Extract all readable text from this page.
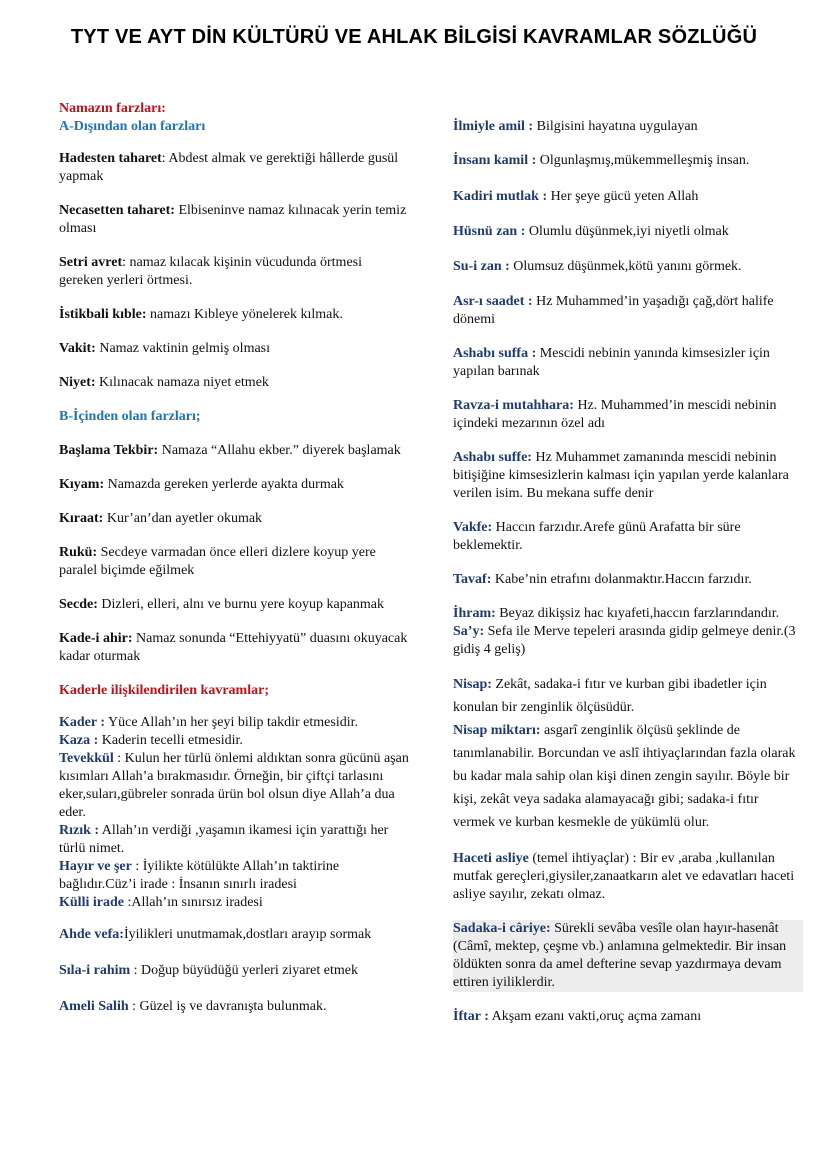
TYT VE AYT DİN KÜLTÜRÜ VE AHLAK BİLGİSİ KAVRAMLAR SÖZLÜĞÜ

Namazın farzları:

A-Dışından olan farzları

Hadesten taharet: Abdest almak ve gerektiği hâllerde gusül yapmak

Necasetten taharet: Elbiseninve namaz kılınacak yerin temiz olması

Setri avret: namaz kılacak kişinin vücudunda örtmesi gereken yerleri örtmesi.

İstikbali kıble: namazı Kıbleye yönelerek kılmak.

Vakit: Namaz vaktinin gelmiş olması

Niyet: Kılınacak namaza niyet etmek

B-İçinden olan farzları;

Başlama Tekbir: Namaza “Allahu ekber.” diyerek başlamak

Kıyam: Namazda gereken yerlerde ayakta durmak

Kıraat: Kur’an’dan ayetler okumak

Rukü: Secdeye varmadan önce elleri dizlere koyup yere paralel biçimde eğilmek

Secde: Dizleri, elleri, alnı ve burnu yere koyup kapanmak

Kade-i ahir: Namaz sonunda “Ettehiyyatü” duasını okuyacak kadar oturmak

Kaderle ilişkilendirilen kavramlar;

Kader : Yüce Allah’ın her şeyi bilip takdir etmesidir.

Kaza : Kaderin tecelli etmesidir.

Tevekkül : Kulun her türlü önlemi aldıktan sonra gücünü aşan kısımları Allah’a bırakmasıdır. Örneğin, bir çiftçi tarlasını eker,suları,gübreler sonrada ürün bol olsun diye Allah’a dua eder.

Rızık : Allah’ın verdiği ,yaşamın ikamesi için yarattığı her türlü nimet.

Hayır ve şer : İyilikte kötülükte Allah’ın taktirine bağlıdır.Cüz’i irade : İnsanın sınırlı iradesi

Külli irade :Allah’ın sınırsız iradesi

Ahde vefa:İyilikleri unutmamak,dostları arayıp sormak

Sıla-i rahim : Doğup büyüdüğü yerleri ziyaret etmek

Ameli Salih : Güzel iş ve davranışta bulunmak.

İlmiyle amil : Bilgisini hayatına uygulayan

İnsanı kamil : Olgunlaşmış,mükemmelleşmiş insan.

Kadiri mutlak : Her şeye gücü yeten Allah

Hüsnü zan : Olumlu düşünmek,iyi niyetli olmak

Su-i zan : Olumsuz düşünmek,kötü yanını görmek.

Asr-ı saadet : Hz Muhammed’in yaşadığı çağ,dört halife dönemi

Ashabı suffa : Mescidi nebinin yanında kimsesizler için yapılan barınak

Ravza-i mutahhara: Hz. Muhammed’in mescidi nebinin içindeki mezarının özel adı

Ashabı suffe: Hz Muhammet zamanında mescidi nebinin bitişiğine kimsesizlerin kalması için yapılan yerde kalanlara verilen isim. Bu mekana suffe denir

Vakfe: Haccın farzıdır.Arefe günü Arafatta bir süre beklemektir.

Tavaf: Kabe’nin etrafını dolanmaktır.Haccın farzıdır.

İhram: Beyaz dikişsiz hac kıyafeti,haccın farzlarındandır.

Sa’y: Sefa ile Merve tepeleri arasında gidip gelmeye denir.(3 gidiş 4 geliş)

Nisap: Zekât, sadaka-i fıtır ve kurban gibi ibadetler için konulan bir zenginlik ölçüsüdür.

Nisap miktarı: asgarî zenginlik ölçüsü şeklinde de tanımlanabilir. Borcundan ve aslî ihtiyaçlarından fazla olarak bu kadar mala sahip olan kişi dinen zengin sayılır. Böyle bir kişi, zekât veya sadaka alamayacağı gibi; sadaka-i fıtır vermek ve kurban kesmekle de yükümlü olur.

Haceti asliye (temel ihtiyaçlar) : Bir ev ,araba ,kullanılan mutfak gereçleri,giysiler,zanaatkarın alet ve edavatları haceti asliye sayılır, zekatı olmaz.

Sadaka-i câriye: Sürekli sevâba vesîle olan hayır-hasenât (Câmî, mektep, çeşme vb.) anlamına gelmektedir. Bir insan öldükten sonra da amel defterine sevap yazdırmaya devam ettiren iyiliklerdir.

İftar : Akşam ezanı vakti,oruç açma zamanı
